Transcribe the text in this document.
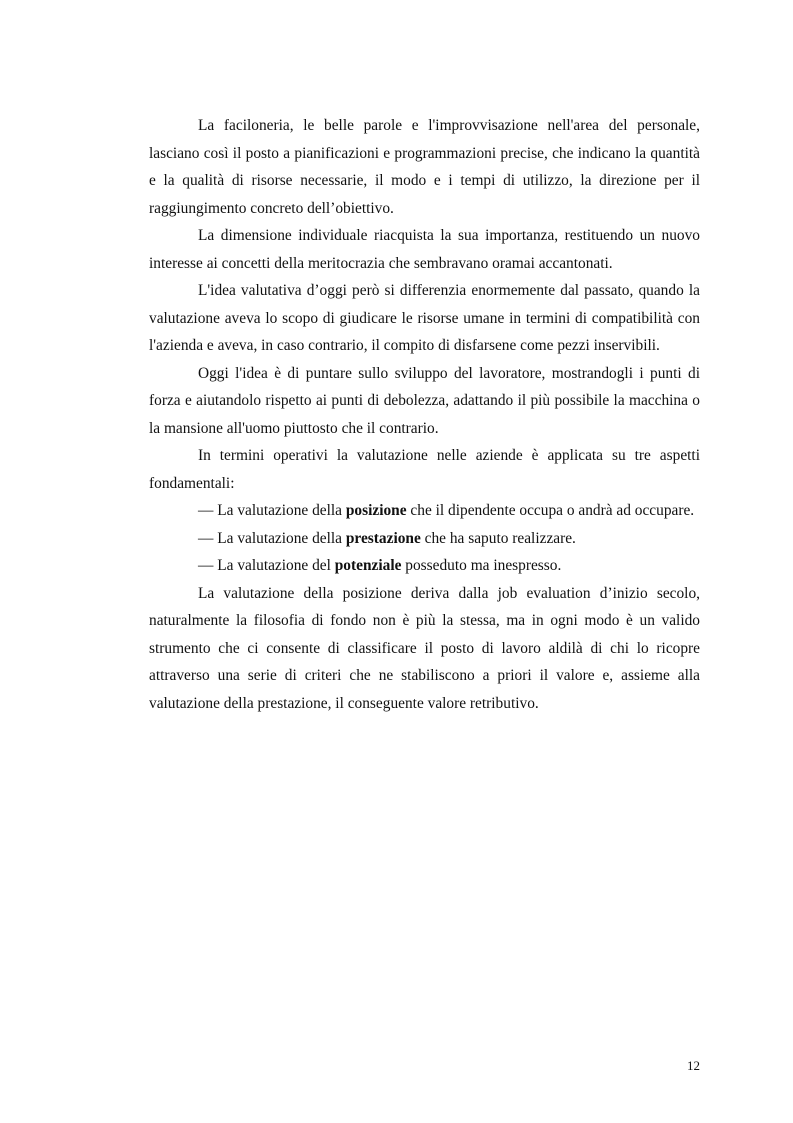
La faciloneria, le belle parole e l'improvvisazione nell'area del personale, lasciano così il posto a pianificazioni e programmazioni precise, che indicano la quantità e la qualità di risorse necessarie, il modo e i tempi di utilizzo, la direzione per il raggiungimento concreto dell’obiettivo.

La dimensione individuale riacquista la sua importanza, restituendo un nuovo interesse ai concetti della meritocrazia che sembravano oramai accantonati.

L'idea valutativa d’oggi però si differenzia enormemente dal passato, quando la valutazione aveva lo scopo di giudicare le risorse umane in termini di compatibilità con l'azienda e aveva, in caso contrario, il compito di disfarsene come pezzi inservibili.

Oggi l'idea è di puntare sullo sviluppo del lavoratore, mostrandogli i punti di forza e aiutandolo rispetto ai punti di debolezza, adattando il più possibile la macchina o la mansione all'uomo piuttosto che il contrario.

In termini operativi la valutazione nelle aziende è applicata su tre aspetti fondamentali:

— La valutazione della posizione che il dipendente occupa o andrà ad occupare.

— La valutazione della prestazione che ha saputo realizzare.

— La valutazione del potenziale posseduto ma inespresso.

La valutazione della posizione deriva dalla job evaluation d’inizio secolo, naturalmente la filosofia di fondo non è più la stessa, ma in ogni modo è un valido strumento che ci consente di classificare il posto di lavoro aldilà di chi lo ricopre attraverso una serie di criteri che ne stabiliscono a priori il valore e, assieme alla valutazione della prestazione, il conseguente valore retributivo.

12
